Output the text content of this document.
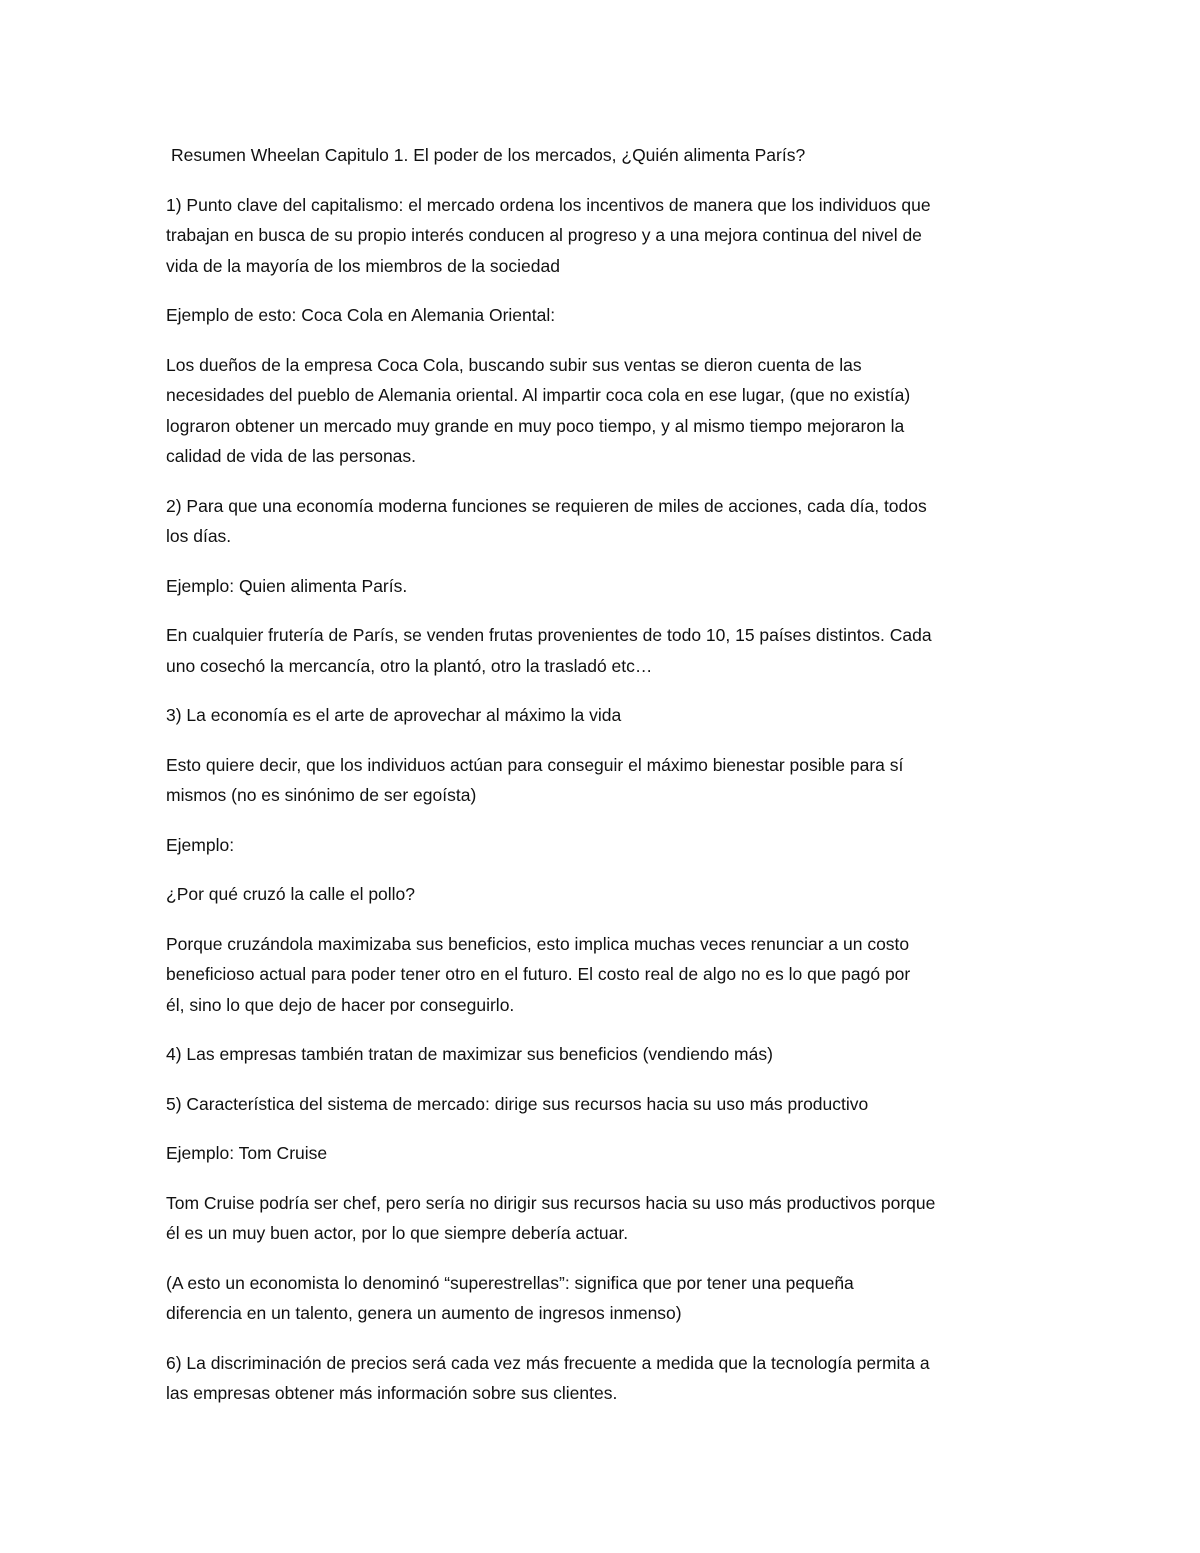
Resumen Wheelan Capitulo 1. El poder de los mercados, ¿Quién alimenta París?

1) Punto clave del capitalismo: el mercado ordena los incentivos de manera que los individuos que
trabajan en busca de su propio interés conducen al progreso y a una mejora continua del nivel de
vida de la mayoría de los miembros de la sociedad

Ejemplo de esto: Coca Cola en Alemania Oriental:

Los dueños de la empresa Coca Cola, buscando subir sus ventas se dieron cuenta de las
necesidades del pueblo de Alemania oriental. Al impartir coca cola en ese lugar, (que no existía)
lograron obtener un mercado muy grande en muy poco tiempo, y al mismo tiempo mejoraron la
calidad de vida de las personas.

2) Para que una economía moderna funciones se requieren de miles de acciones, cada día, todos
los días.

Ejemplo: Quien alimenta París.

En cualquier frutería de París, se venden frutas provenientes de todo 10, 15 países distintos. Cada
uno cosechó la mercancía, otro la plantó, otro la trasladó etc…

3) La economía es el arte de aprovechar al máximo la vida

Esto quiere decir, que los individuos actúan para conseguir el máximo bienestar posible para sí
mismos (no es sinónimo de ser egoísta)

Ejemplo:

¿Por qué cruzó la calle el pollo?

Porque cruzándola maximizaba sus beneficios, esto implica muchas veces renunciar a un costo
beneficioso actual para poder tener otro en el futuro. El costo real de algo no es lo que pagó por
él, sino lo que dejo de hacer por conseguirlo.

4) Las empresas también tratan de maximizar sus beneficios (vendiendo más)

5) Característica del sistema de mercado: dirige sus recursos hacia su uso más productivo

Ejemplo: Tom Cruise

Tom Cruise podría ser chef, pero sería no dirigir sus recursos hacia su uso más productivos porque
él es un muy buen actor, por lo que siempre debería actuar.

(A esto un economista lo denominó “superestrellas”: significa que por tener una pequeña
diferencia en un talento, genera un aumento de ingresos inmenso)

6) La discriminación de precios será cada vez más frecuente a medida que la tecnología permita a
las empresas obtener más información sobre sus clientes.
